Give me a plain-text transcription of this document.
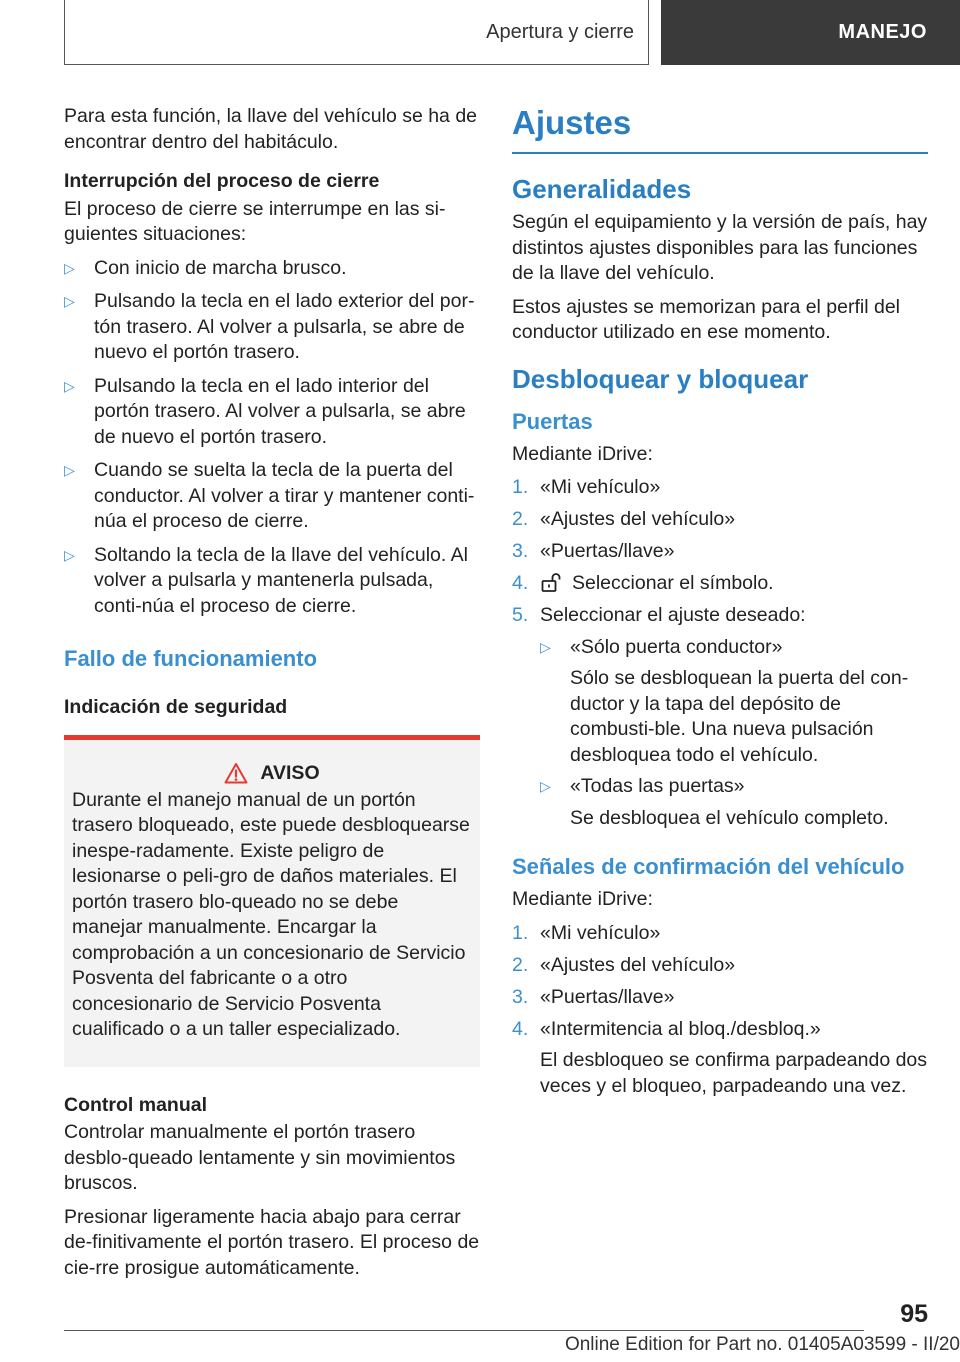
Apertura y cierre	MANEJO

Para esta función, la llave del vehículo se ha de encontrar dentro del habitáculo.

Interrupción del proceso de cierre

El proceso de cierre se interrumpe en las si-guientes situaciones:

▷ Con inicio de marcha brusco.
▷ Pulsando la tecla en el lado exterior del por-tón trasero. Al volver a pulsarla, se abre de nuevo el portón trasero.
▷ Pulsando la tecla en el lado interior del portón trasero. Al volver a pulsarla, se abre de nuevo el portón trasero.
▷ Cuando se suelta la tecla de la puerta del conductor. Al volver a tirar y mantener conti-núa el proceso de cierre.
▷ Soltando la tecla de la llave del vehículo. Al volver a pulsarla y mantenerla pulsada, conti-núa el proceso de cierre.
Fallo de funcionamiento
Indicación de seguridad
AVISO

Durante el manejo manual de un portón trasero bloqueado, este puede desbloquearse inespe-radamente. Existe peligro de lesionarse o peli-gro de daños materiales. El portón trasero blo-queado no se debe manejar manualmente. Encargar la comprobación a un concesionario de Servicio Posventa del fabricante o a otro concesionario de Servicio Posventa cualificado o a un taller especializado.

Control manual

Controlar manualmente el portón trasero desblo-queado lentamente y sin movimientos bruscos.

Presionar ligeramente hacia abajo para cerrar de-finitivamente el portón trasero. El proceso de cie-rre prosigue automáticamente.

Ajustes
Generalidades

Según el equipamiento y la versión de país, hay distintos ajustes disponibles para las funciones de la llave del vehículo.

Estos ajustes se memorizan para el perfil del conductor utilizado en ese momento.

Desbloquear y bloquear
Puertas

Mediante iDrive:

1. «Mi vehículo»
2. «Ajustes del vehículo»
3. «Puertas/llave»
4. Seleccionar el símbolo.
5. Seleccionar el ajuste deseado:
▷ «Sólo puerta conductor»
Sólo se desbloquean la puerta del con-ductor y la tapa del depósito de combusti-ble. Una nueva pulsación desbloquea todo el vehículo.
▷ «Todas las puertas»
Se desbloquea el vehículo completo.
Señales de confirmación del vehículo

Mediante iDrive:

1. «Mi vehículo»
2. «Ajustes del vehículo»
3. «Puertas/llave»
4. «Intermitencia al bloq./desbloq.»
El desbloqueo se confirma parpadeando dos veces y el bloqueo, parpadeando una vez.
95
Online Edition for Part no. 01405A03599 - II/20
